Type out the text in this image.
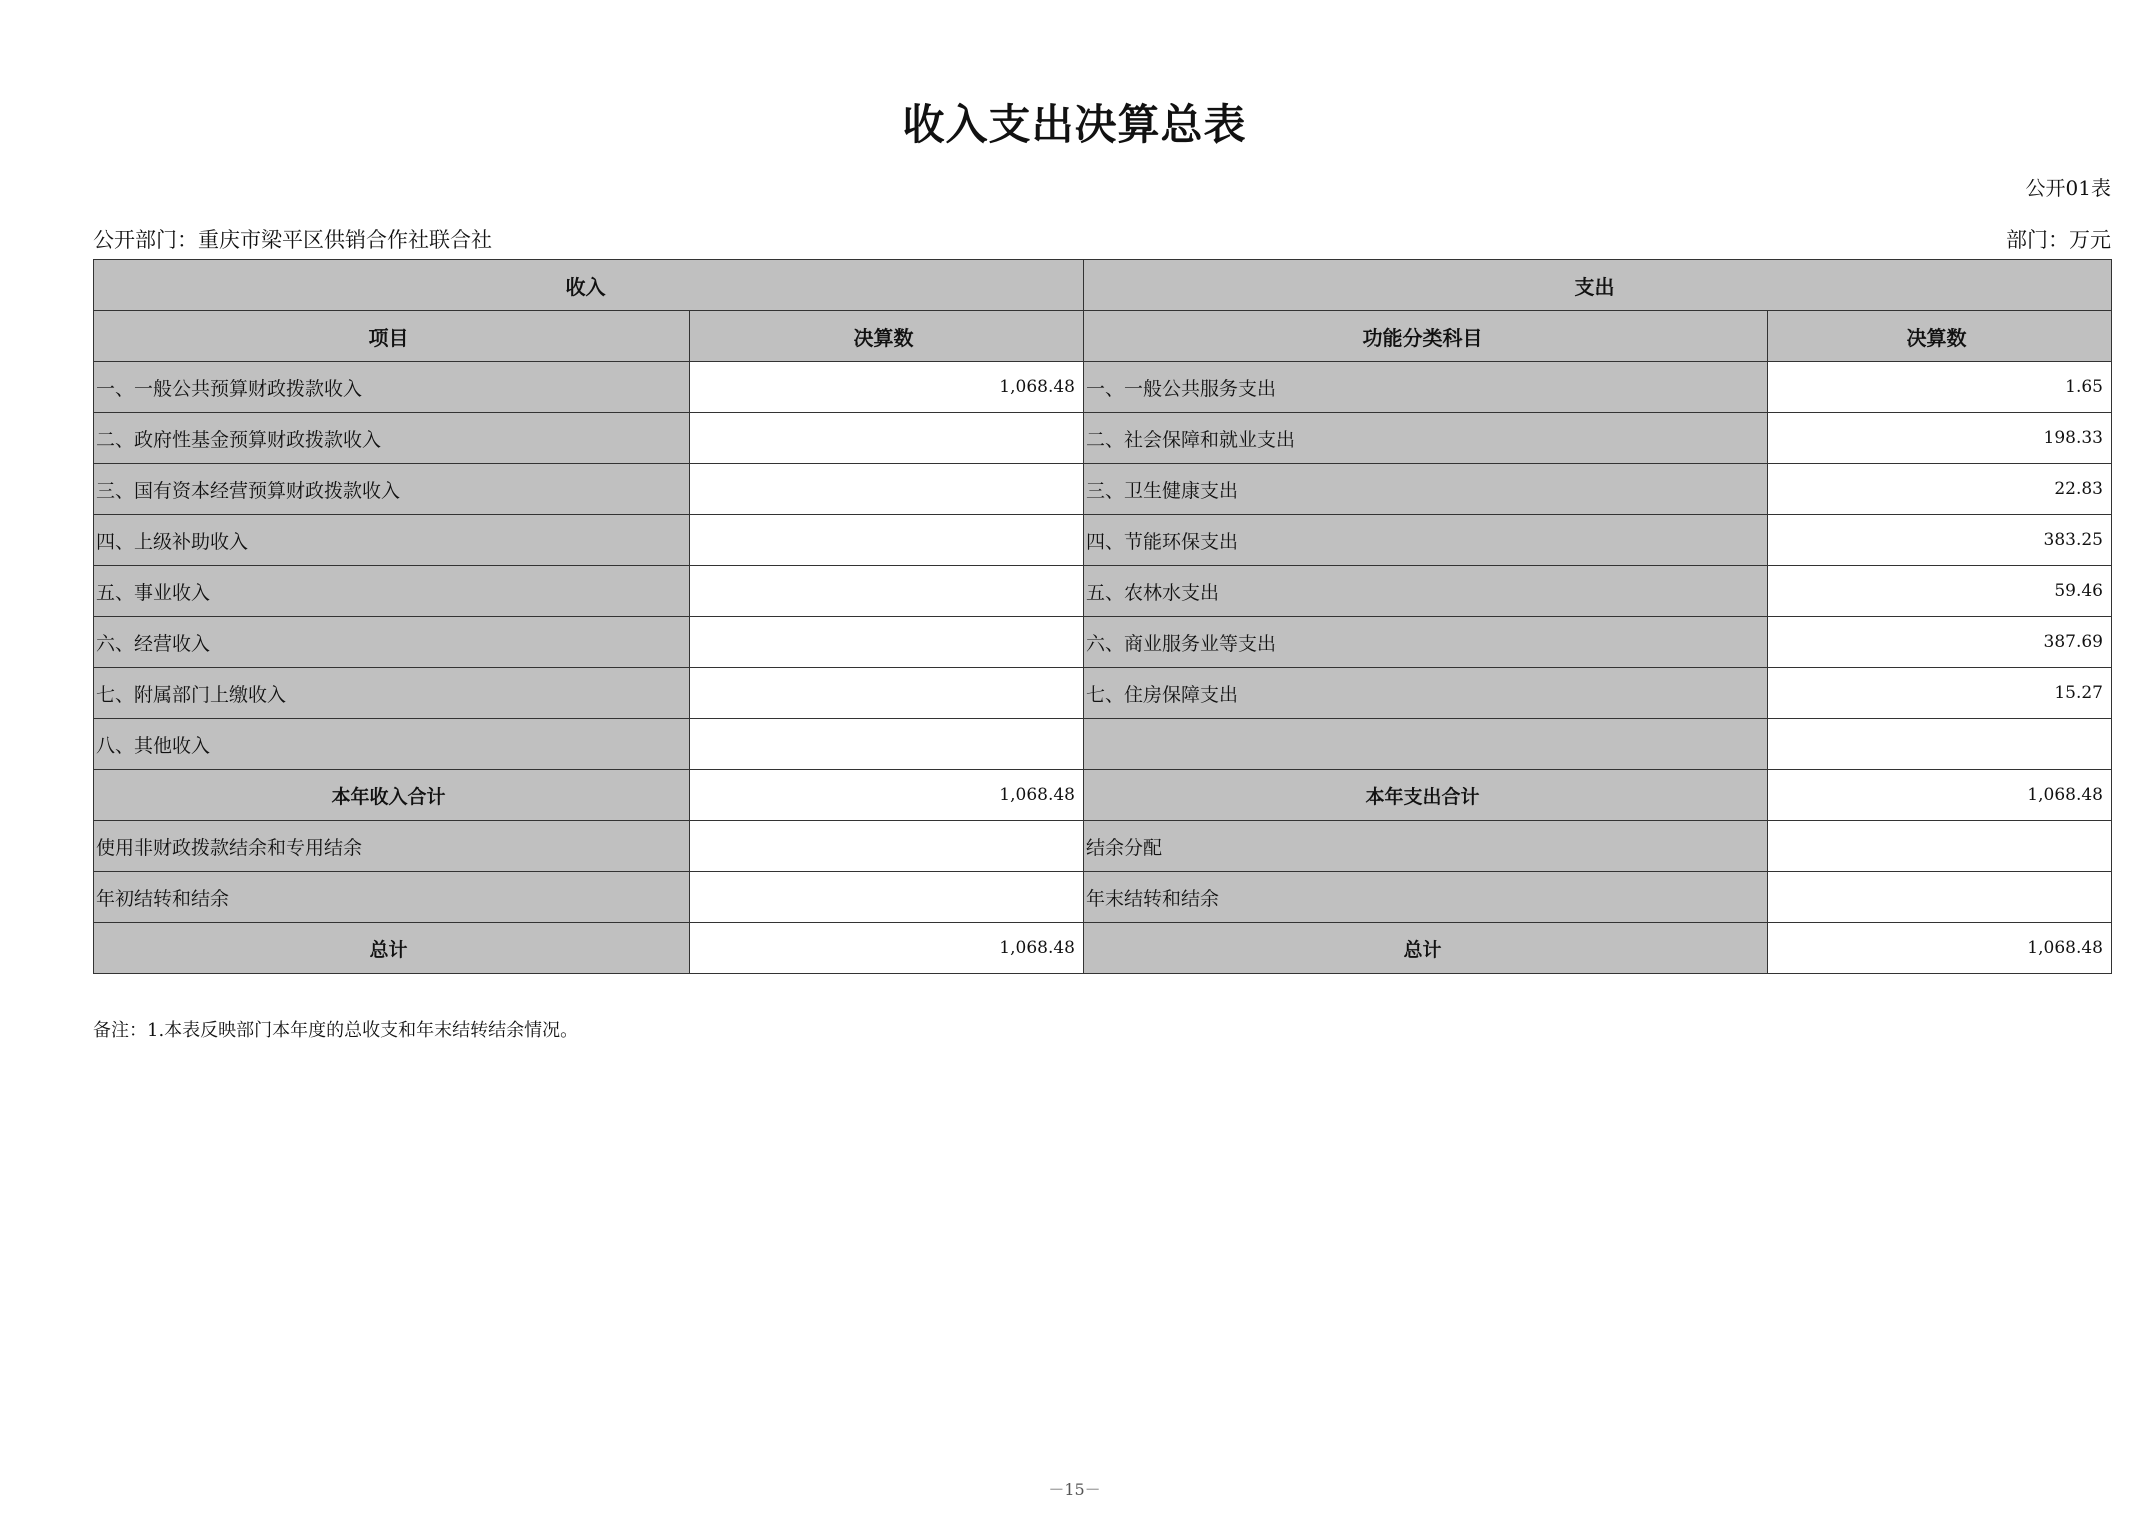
收入支出决算总表
公开01表
公开部门：重庆市梁平区供销合作社联合社	部门：万元
收入		支出	
项目	决算数	功能分类科目	决算数
一、一般公共预算财政拨款收入	1,068.48	一、一般公共服务支出	1.65
二、政府性基金预算财政拨款收入		二、社会保障和就业支出	198.33
三、国有资本经营预算财政拨款收入		三、卫生健康支出	22.83
四、上级补助收入		四、节能环保支出	383.25
五、事业收入		五、农林水支出	59.46
六、经营收入		六、商业服务业等支出	387.69
七、附属部门上缴收入		七、住房保障支出	15.27
八、其他收入			
本年收入合计	1,068.48	本年支出合计	1,068.48
使用非财政拨款结余和专用结余		结余分配	
年初结转和结余		年末结转和结余	
总计	1,068.48	总计	1,068.48
备注：1.本表反映部门本年度的总收支和年末结转结余情况。
－15－
